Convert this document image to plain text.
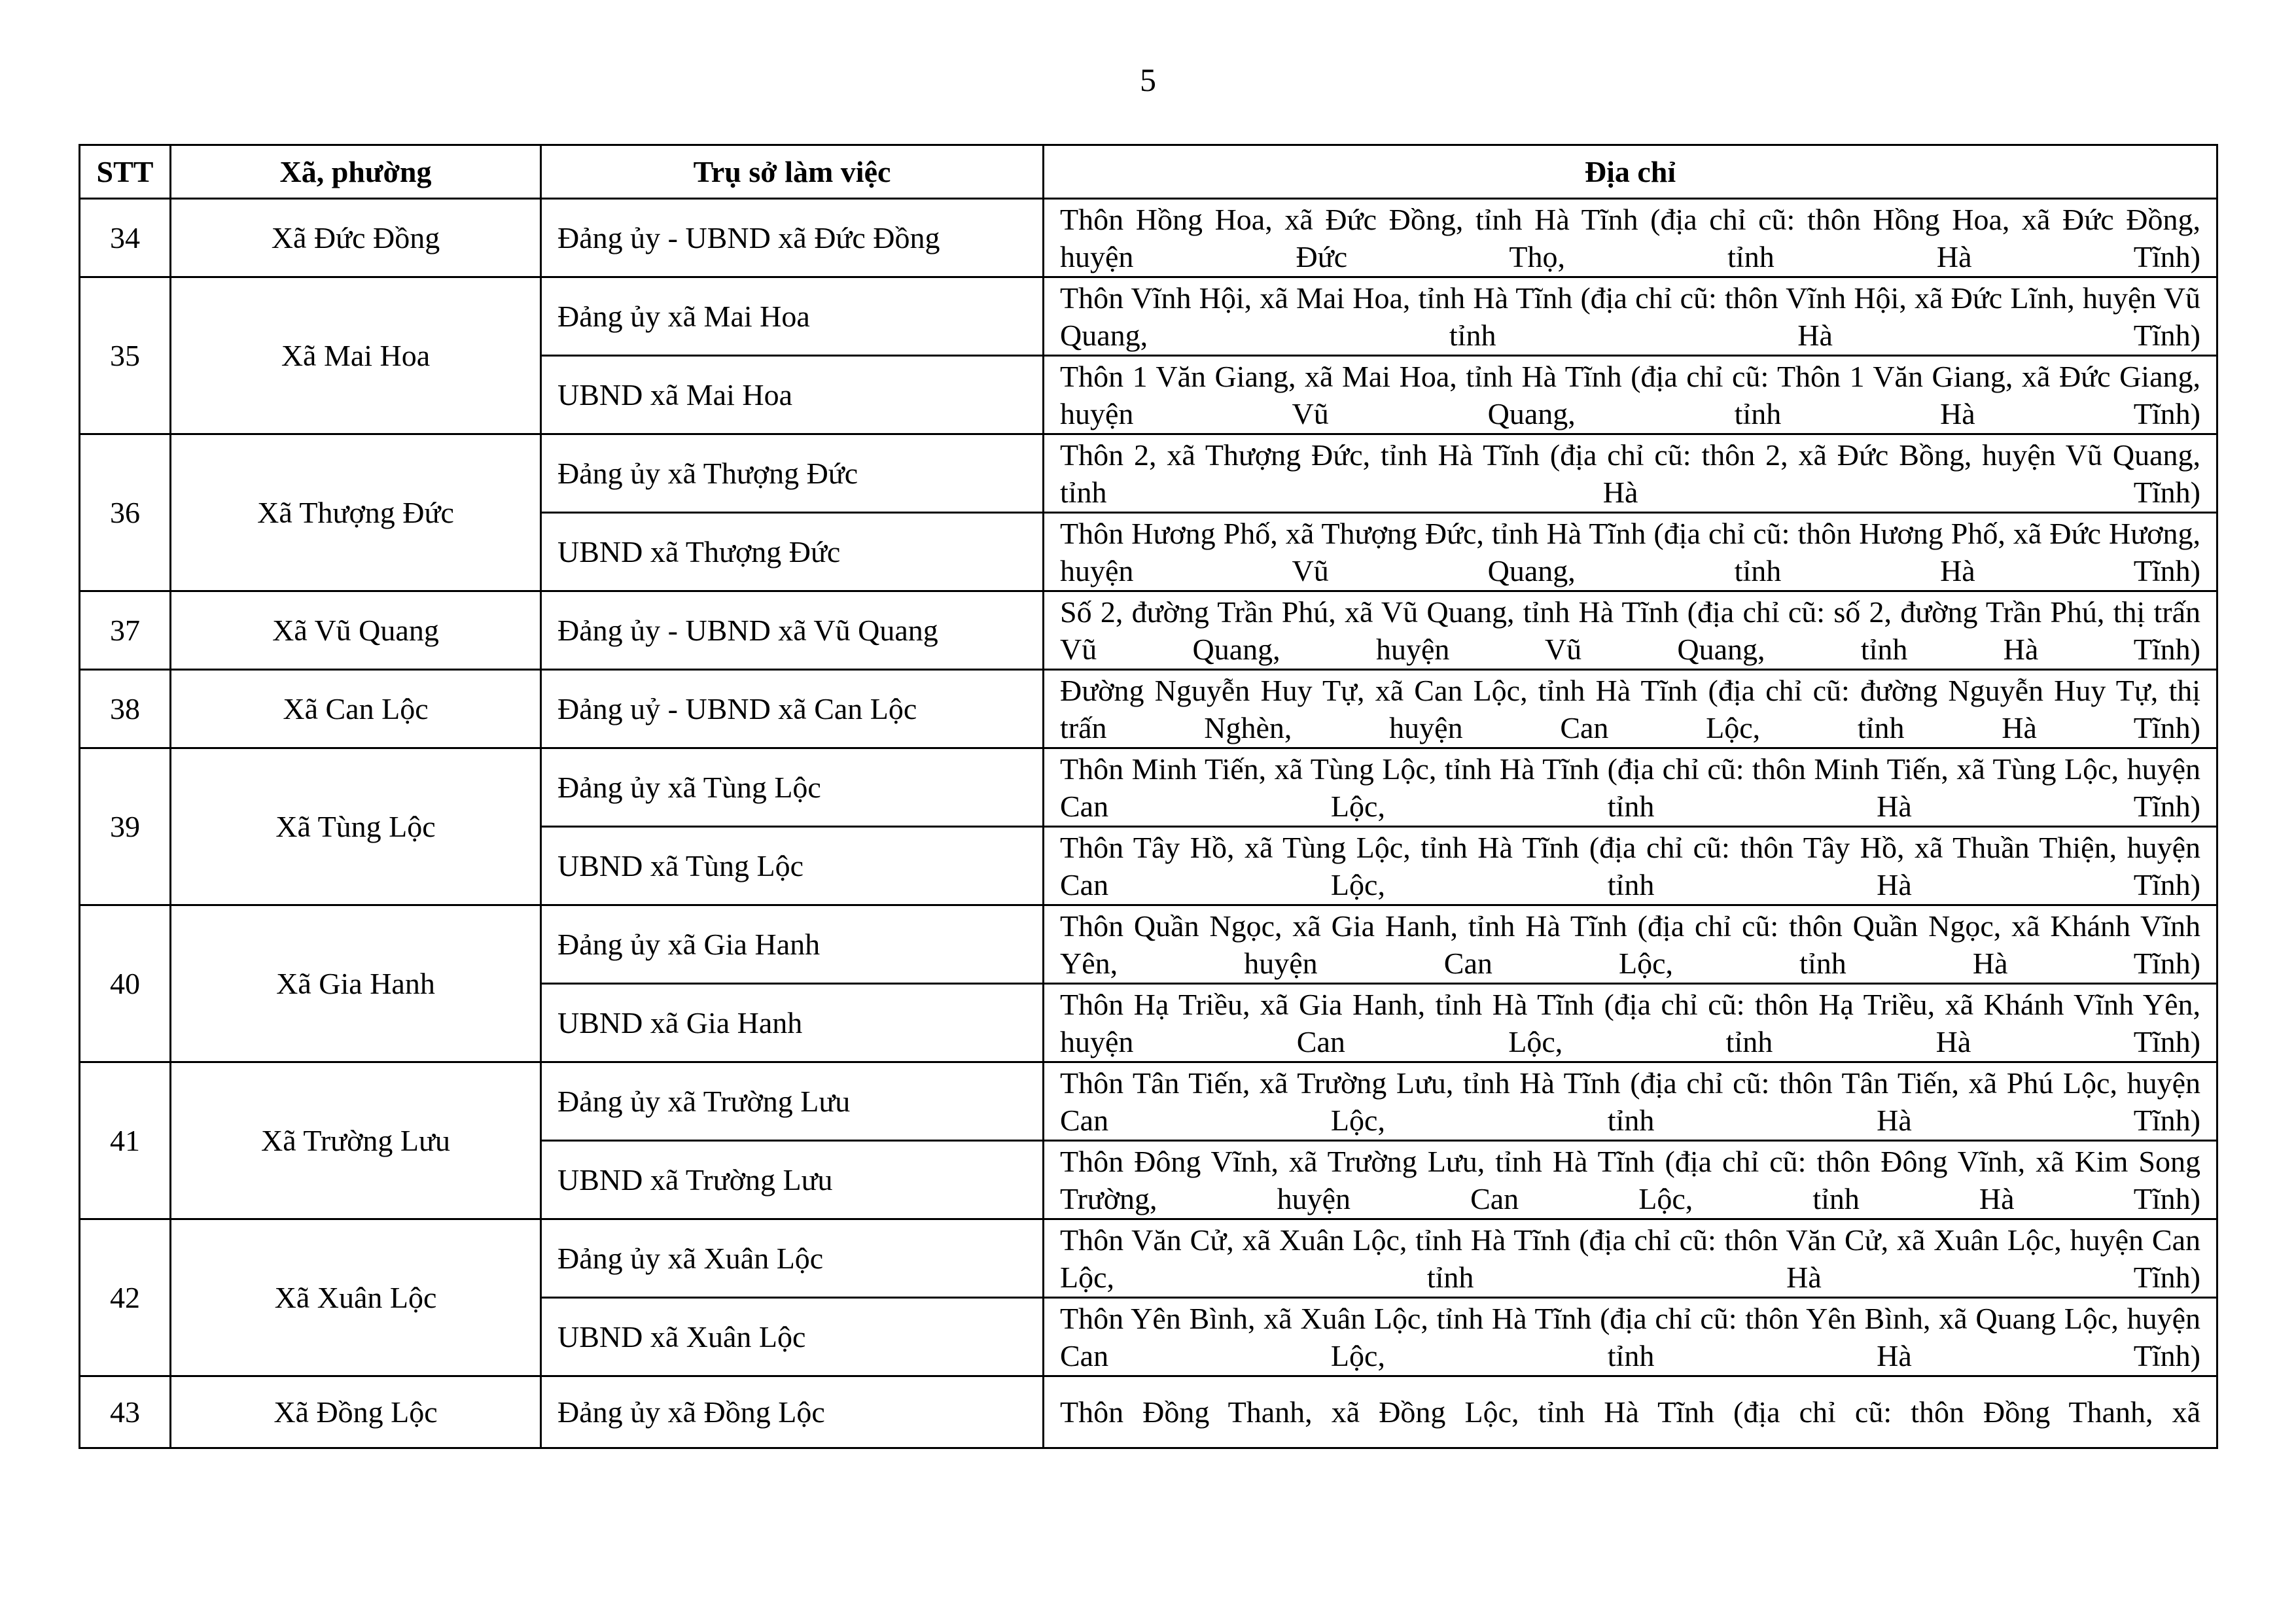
5
STT	Xã, phường	Trụ sở làm việc	Địa chỉ
34	Xã Đức Đồng	Đảng ủy - UBND xã Đức Đồng	Thôn Hồng Hoa, xã Đức Đồng, tỉnh Hà Tĩnh (địa chỉ cũ: thôn Hồng Hoa, xã Đức Đồng, huyện Đức Thọ, tỉnh Hà Tĩnh)
35	Xã Mai Hoa	Đảng ủy xã Mai Hoa	Thôn Vĩnh Hội, xã Mai Hoa, tỉnh Hà Tĩnh (địa chỉ cũ: thôn Vĩnh Hội, xã Đức Lĩnh, huyện Vũ Quang, tỉnh Hà Tĩnh)
		UBND xã Mai Hoa	Thôn 1 Văn Giang, xã Mai Hoa, tỉnh Hà Tĩnh (địa chỉ cũ: Thôn 1 Văn Giang, xã Đức Giang, huyện Vũ Quang, tỉnh Hà Tĩnh)
36	Xã Thượng Đức	Đảng ủy xã Thượng Đức	Thôn 2, xã Thượng Đức, tỉnh Hà Tĩnh (địa chỉ cũ: thôn 2, xã Đức Bồng, huyện Vũ Quang, tỉnh Hà Tĩnh)
		UBND xã Thượng Đức	Thôn Hương Phố, xã Thượng Đức, tỉnh Hà Tĩnh (địa chỉ cũ: thôn Hương Phố, xã Đức Hương, huyện Vũ Quang, tỉnh Hà Tĩnh)
37	Xã Vũ Quang	Đảng ủy - UBND xã Vũ Quang	Số 2, đường Trần Phú, xã Vũ Quang, tỉnh Hà Tĩnh (địa chỉ cũ: số 2, đường Trần Phú, thị trấn Vũ Quang, huyện Vũ Quang, tỉnh Hà Tĩnh)
38	Xã Can Lộc	Đảng uỷ - UBND xã Can Lộc	Đường Nguyễn Huy Tự, xã Can Lộc, tỉnh Hà Tĩnh (địa chỉ cũ: đường Nguyễn Huy Tự, thị trấn Nghèn, huyện Can Lộc, tỉnh Hà Tĩnh)
39	Xã Tùng Lộc	Đảng ủy xã Tùng Lộc	Thôn Minh Tiến, xã Tùng Lộc, tỉnh Hà Tĩnh (địa chỉ cũ: thôn Minh Tiến, xã Tùng Lộc, huyện Can Lộc, tỉnh Hà Tĩnh)
		UBND xã Tùng Lộc	Thôn Tây Hồ, xã Tùng Lộc, tỉnh Hà Tĩnh (địa chỉ cũ: thôn Tây Hồ, xã Thuần Thiện, huyện Can Lộc, tỉnh Hà Tĩnh)
40	Xã Gia Hanh	Đảng ủy xã Gia Hanh	Thôn Quần Ngọc, xã Gia Hanh, tỉnh Hà Tĩnh (địa chỉ cũ: thôn Quần Ngọc, xã Khánh Vĩnh Yên, huyện Can Lộc, tỉnh Hà Tĩnh)
		UBND xã Gia Hanh	Thôn Hạ Triều, xã Gia Hanh, tỉnh Hà Tĩnh (địa chỉ cũ: thôn Hạ Triều, xã Khánh Vĩnh Yên, huyện Can Lộc, tỉnh Hà Tĩnh)
41	Xã Trường Lưu	Đảng ủy xã Trường Lưu	Thôn Tân Tiến, xã Trường Lưu, tỉnh Hà Tĩnh (địa chỉ cũ: thôn Tân Tiến, xã Phú Lộc, huyện Can Lộc, tỉnh Hà Tĩnh)
		UBND xã Trường Lưu	Thôn Đông Vĩnh, xã Trường Lưu, tỉnh Hà Tĩnh (địa chỉ cũ: thôn Đông Vĩnh, xã Kim Song Trường, huyện Can Lộc, tỉnh Hà Tĩnh)
42	Xã Xuân Lộc	Đảng ủy xã Xuân Lộc	Thôn Văn Cử, xã Xuân Lộc, tỉnh Hà Tĩnh (địa chỉ cũ: thôn Văn Cử, xã Xuân Lộc, huyện Can Lộc, tỉnh Hà Tĩnh)
		UBND xã Xuân Lộc	Thôn Yên Bình, xã Xuân Lộc, tỉnh Hà Tĩnh (địa chỉ cũ: thôn Yên Bình, xã Quang Lộc, huyện Can Lộc, tỉnh Hà Tĩnh)
43	Xã Đồng Lộc	Đảng ủy xã Đồng Lộc	Thôn Đồng Thanh, xã Đồng Lộc, tỉnh Hà Tĩnh (địa chỉ cũ: thôn Đồng Thanh, xã
